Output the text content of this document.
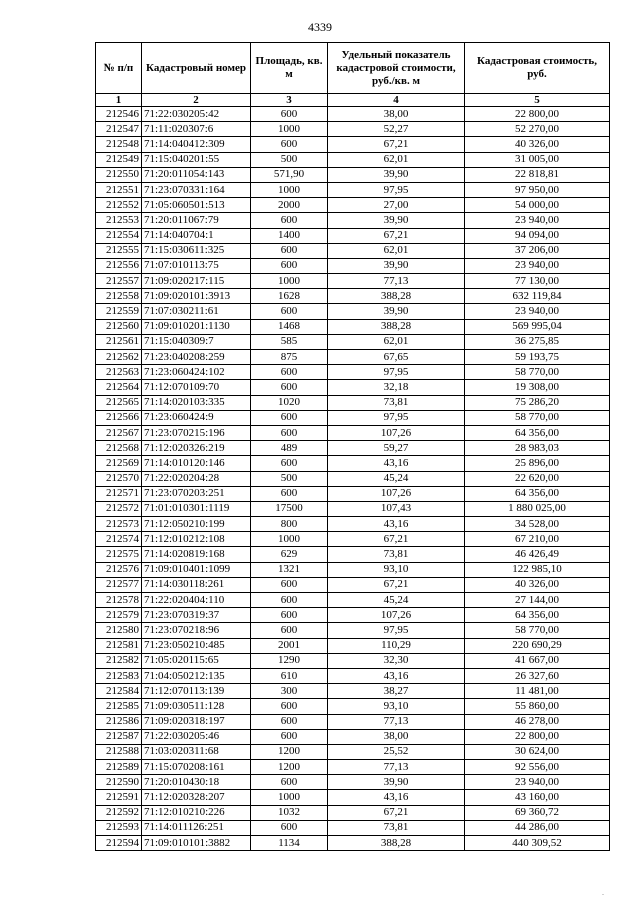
4339
№ п/п	Кадастровый номер	Площадь, кв. м	Удельный показатель кадастровой стоимости, руб./кв. м	Кадастровая стоимость, руб.
1	2	3	4	5
212546	71:22:030205:42	600	38,00	22 800,00
212547	71:11:020307:6	1000	52,27	52 270,00
212548	71:14:040412:309	600	67,21	40 326,00
212549	71:15:040201:55	500	62,01	31 005,00
212550	71:20:011054:143	571,90	39,90	22 818,81
212551	71:23:070331:164	1000	97,95	97 950,00
212552	71:05:060501:513	2000	27,00	54 000,00
212553	71:20:011067:79	600	39,90	23 940,00
212554	71:14:040704:1	1400	67,21	94 094,00
212555	71:15:030611:325	600	62,01	37 206,00
212556	71:07:010113:75	600	39,90	23 940,00
212557	71:09:020217:115	1000	77,13	77 130,00
212558	71:09:020101:3913	1628	388,28	632 119,84
212559	71:07:030211:61	600	39,90	23 940,00
212560	71:09:010201:1130	1468	388,28	569 995,04
212561	71:15:040309:7	585	62,01	36 275,85
212562	71:23:040208:259	875	67,65	59 193,75
212563	71:23:060424:102	600	97,95	58 770,00
212564	71:12:070109:70	600	32,18	19 308,00
212565	71:14:020103:335	1020	73,81	75 286,20
212566	71:23:060424:9	600	97,95	58 770,00
212567	71:23:070215:196	600	107,26	64 356,00
212568	71:12:020326:219	489	59,27	28 983,03
212569	71:14:010120:146	600	43,16	25 896,00
212570	71:22:020204:28	500	45,24	22 620,00
212571	71:23:070203:251	600	107,26	64 356,00
212572	71:01:010301:1119	17500	107,43	1 880 025,00
212573	71:12:050210:199	800	43,16	34 528,00
212574	71:12:010212:108	1000	67,21	67 210,00
212575	71:14:020819:168	629	73,81	46 426,49
212576	71:09:010401:1099	1321	93,10	122 985,10
212577	71:14:030118:261	600	67,21	40 326,00
212578	71:22:020404:110	600	45,24	27 144,00
212579	71:23:070319:37	600	107,26	64 356,00
212580	71:23:070218:96	600	97,95	58 770,00
212581	71:23:050210:485	2001	110,29	220 690,29
212582	71:05:020115:65	1290	32,30	41 667,00
212583	71:04:050212:135	610	43,16	26 327,60
212584	71:12:070113:139	300	38,27	11 481,00
212585	71:09:030511:128	600	93,10	55 860,00
212586	71:09:020318:197	600	77,13	46 278,00
212587	71:22:030205:46	600	38,00	22 800,00
212588	71:03:020311:68	1200	25,52	30 624,00
212589	71:15:070208:161	1200	77,13	92 556,00
212590	71:20:010430:18	600	39,90	23 940,00
212591	71:12:020328:207	1000	43,16	43 160,00
212592	71:12:010210:226	1032	67,21	69 360,72
212593	71:14:011126:251	600	73,81	44 286,00
212594	71:09:010101:3882	1134	388,28	440 309,52
.
